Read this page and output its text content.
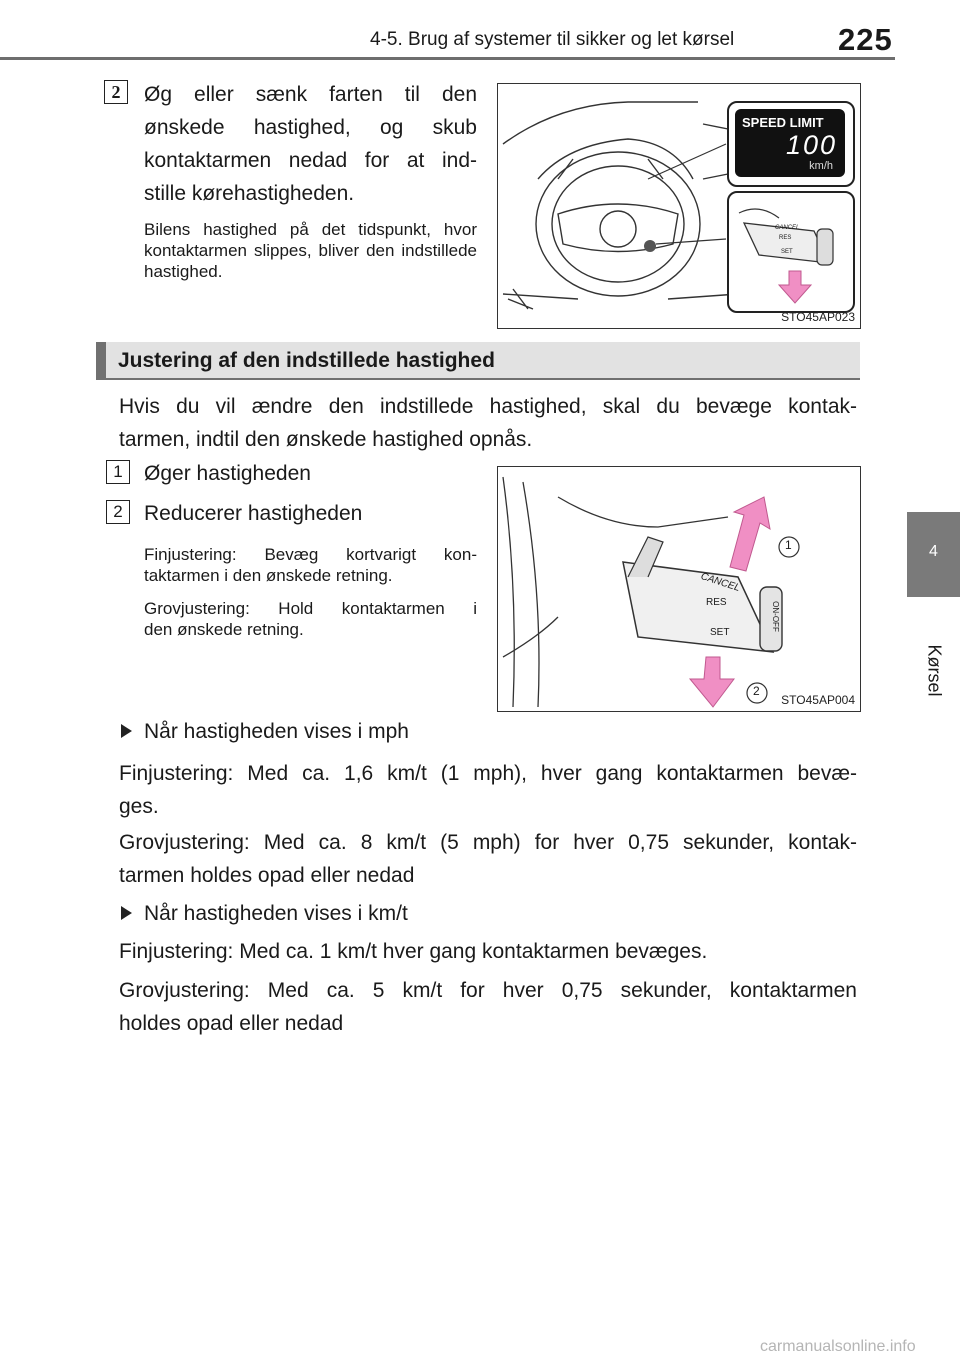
4-5. Brug af systemer til sikker og let kørsel	225
4
Kørsel
2	Øg eller sænk farten til den
ønskede hastighed, og skub
kontaktarmen nedad for at ind-
stille kørehastigheden.
Bilens hastighed på det tidspunkt, hvor kontaktarmen slippes, bliver den indstillede hastighed.
SPEED LIMIT
100
km/h
CANCEL
RES
SET
STO45AP023
Justering af den indstillede hastighed
Hvis du vil ændre den indstillede hastighed, skal du bevæge kontak-
tarmen, indtil den ønskede hastighed opnås.
1	Øger hastigheden
2	Reducerer hastigheden
Finjustering: Bevæg kortvarigt kon-
taktarmen i den ønskede retning.
Grovjustering: Hold kontaktarmen i
den ønskede retning.
CANCEL
RES
SET
ON-OFF
1
2
STO45AP004
Når hastigheden vises i mph
Finjustering: Med ca. 1,6 km/t (1 mph), hver gang kontaktarmen bevæ-
ges.
Grovjustering: Med ca. 8 km/t (5 mph) for hver 0,75 sekunder, kontak-
tarmen holdes opad eller nedad
Når hastigheden vises i km/t
Finjustering: Med ca. 1 km/t hver gang kontaktarmen bevæges.
Grovjustering: Med ca. 5 km/t for hver 0,75 sekunder, kontaktarmen
holdes opad eller nedad
carmanualsonline.info
